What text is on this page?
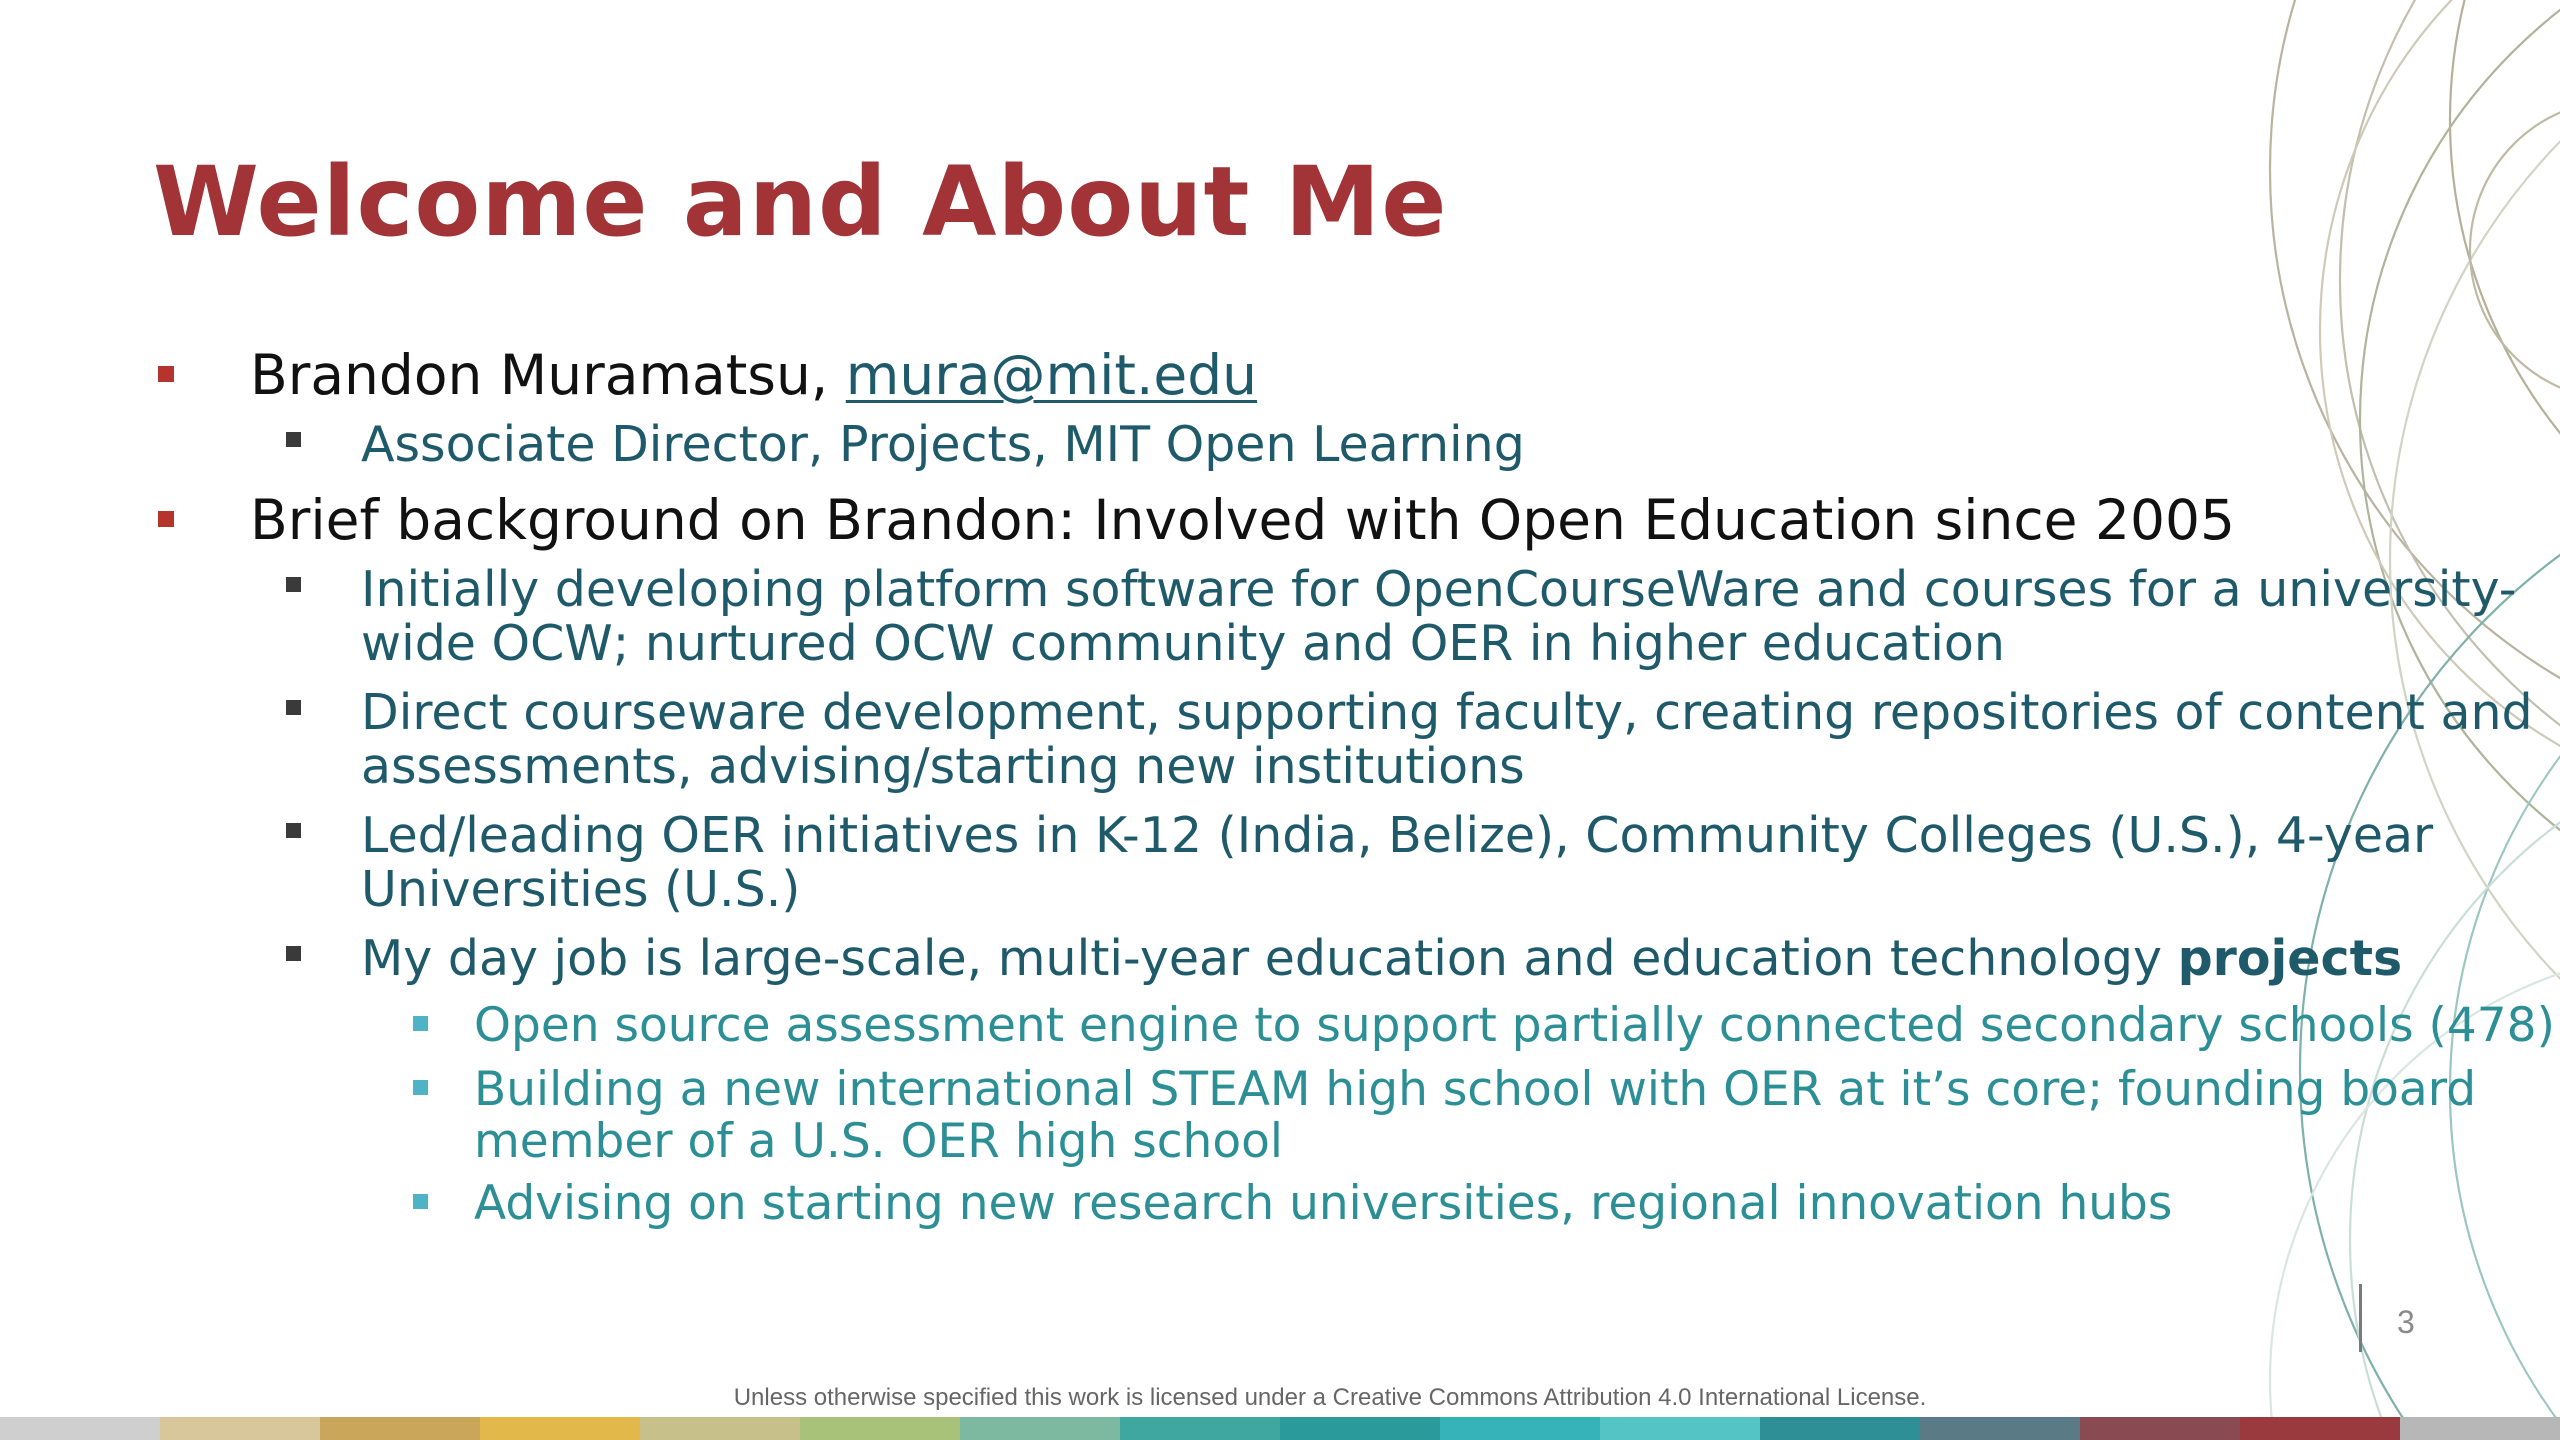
Welcome and About Me
Brandon Muramatsu, mura@mit.edu
Associate Director, Projects, MIT Open Learning
Brief background on Brandon: Involved with Open Education since 2005
Initially developing platform software for OpenCourseWare and courses for a university-
wide OCW; nurtured OCW community and OER in higher education
Direct courseware development, supporting faculty, creating repositories of content and
assessments, advising/starting new institutions
Led/leading OER initiatives in K-12 (India, Belize), Community Colleges (U.S.), 4-year
Universities (U.S.)
My day job is large-scale, multi-year education and education technology projects
Open source assessment engine to support partially connected secondary schools (478)
Building a new international STEAM high school with OER at it’s core; founding board
member of a U.S. OER high school
Advising on starting new research universities, regional innovation hubs
3
Unless otherwise specified this work is licensed under a Creative Commons Attribution 4.0 International License.
